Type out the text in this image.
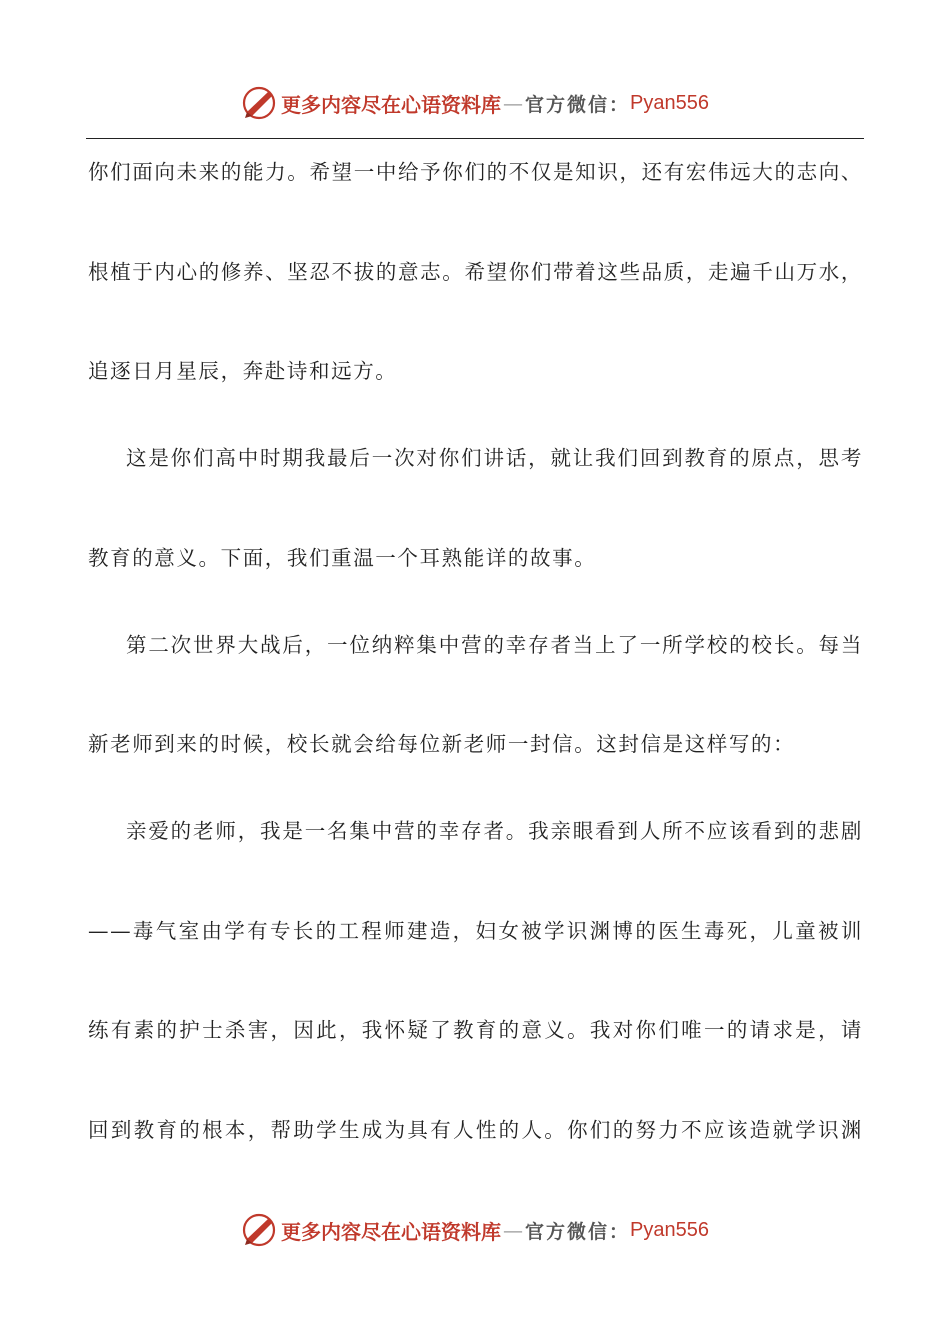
更多内容尽在心语资料库 — 官方微信： Pyan556
你们面向未来的能力。希望一中给予你们的不仅是知识，还有宏伟远大的志向、
根植于内心的修养、坚忍不拔的意志。希望你们带着这些品质，走遍千山万水，
追逐日月星辰，奔赴诗和远方。
这是你们高中时期我最后一次对你们讲话，就让我们回到教育的原点，思考
教育的意义。下面，我们重温一个耳熟能详的故事。
第二次世界大战后，一位纳粹集中营的幸存者当上了一所学校的校长。每当
新老师到来的时候，校长就会给每位新老师一封信。这封信是这样写的：
亲爱的老师，我是一名集中营的幸存者。我亲眼看到人所不应该看到的悲剧
——毒气室由学有专长的工程师建造，妇女被学识渊博的医生毒死，儿童被训
练有素的护士杀害，因此，我怀疑了教育的意义。我对你们唯一的请求是，请
回到教育的根本，帮助学生成为具有人性的人。你们的努力不应该造就学识渊
更多内容尽在心语资料库 — 官方微信： Pyan556
